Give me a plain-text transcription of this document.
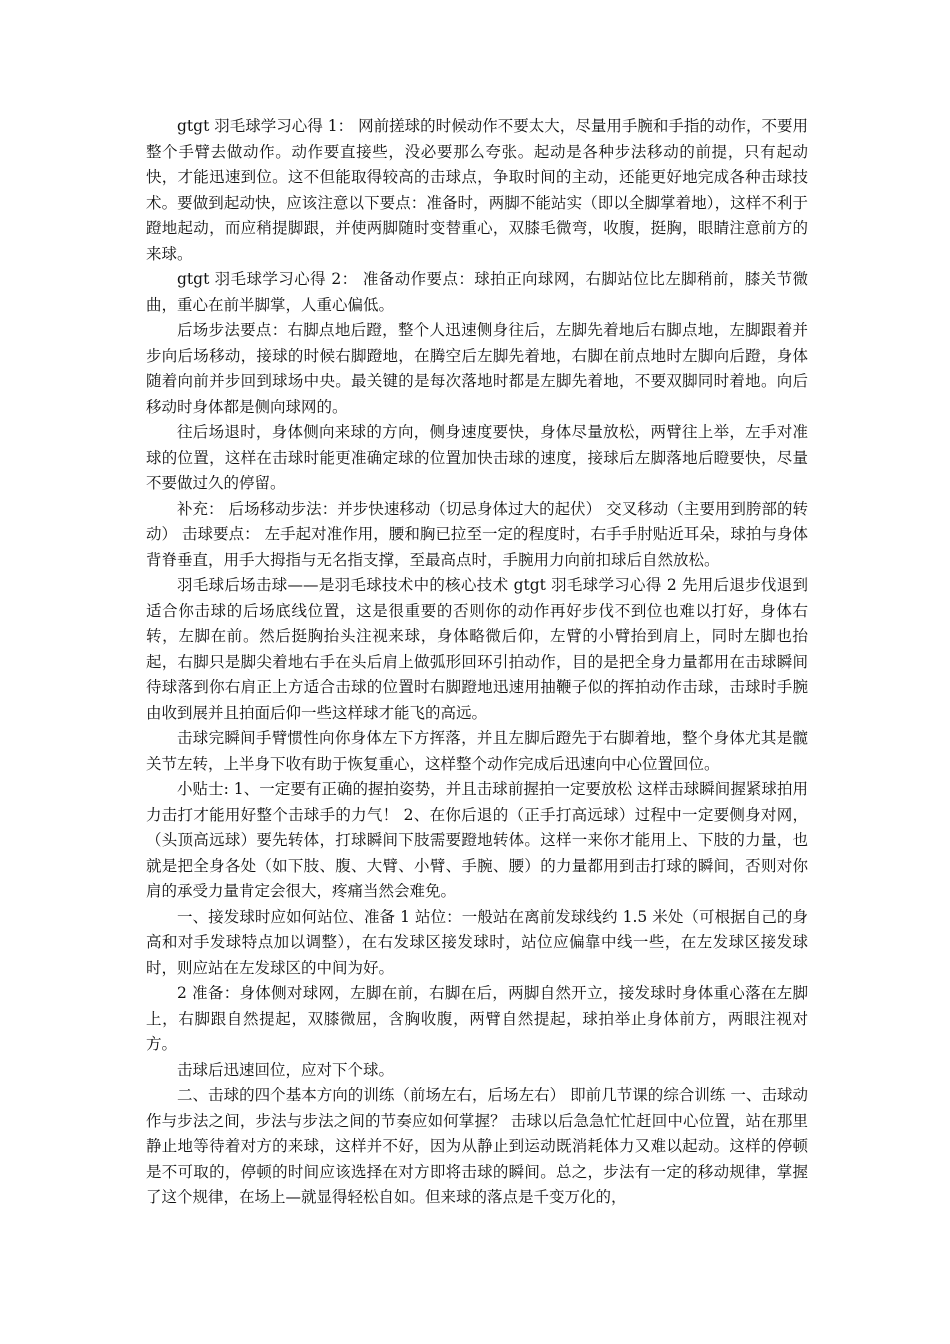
gtgt 羽毛球学习心得 1： 网前搓球的时候动作不要太大，尽量用手腕和手指的动作，不要用整个手臂去做动作。动作要直接些，没必要那么夸张。起动是各种步法移动的前提，只有起动快，才能迅速到位。这不但能取得较高的击球点，争取时间的主动，还能更好地完成各种击球技术。要做到起动快，应该注意以下要点：准备时，两脚不能站实（即以全脚掌着地），这样不利于蹬地起动，而应稍提脚跟，并使两脚随时变替重心，双膝毛微弯，收腹，挺胸，眼睛注意前方的来球。

gtgt 羽毛球学习心得 2： 准备动作要点：球拍正向球网，右脚站位比左脚稍前，膝关节微曲，重心在前半脚掌，人重心偏低。

后场步法要点：右脚点地后蹬，整个人迅速侧身往后，左脚先着地后右脚点地，左脚跟着并步向后场移动，接球的时候右脚蹬地，在腾空后左脚先着地，右脚在前点地时左脚向后蹬，身体随着向前并步回到球场中央。最关键的是每次落地时都是左脚先着地，不要双脚同时着地。向后移动时身体都是侧向球网的。

往后场退时，身体侧向来球的方向，侧身速度要快，身体尽量放松，两臂往上举，左手对准球的位置，这样在击球时能更准确定球的位置加快击球的速度，接球后左脚落地后瞪要快，尽量不要做过久的停留。

补充： 后场移动步法：并步快速移动（切忌身体过大的起伏） 交叉移动（主要用到胯部的转动） 击球要点： 左手起对准作用，腰和胸已拉至一定的程度时，右手手肘贴近耳朵，球拍与身体背脊垂直，用手大拇指与无名指支撑，至最高点时，手腕用力向前扣球后自然放松。

羽毛球后场击球——是羽毛球技术中的核心技术 gtgt 羽毛球学习心得 2 先用后退步伐退到适合你击球的后场底线位置，这是很重要的否则你的动作再好步伐不到位也难以打好，身体右转，左脚在前。然后挺胸抬头注视来球，身体略微后仰，左臂的小臂抬到肩上，同时左脚也抬起，右脚只是脚尖着地右手在头后肩上做弧形回环引拍动作，目的是把全身力量都用在击球瞬间待球落到你右肩正上方适合击球的位置时右脚蹬地迅速用抽鞭子似的挥拍动作击球，击球时手腕由收到展并且拍面后仰一些这样球才能飞的高远。

击球完瞬间手臂惯性向你身体左下方挥落，并且左脚后蹬先于右脚着地，整个身体尤其是髋关节左转，上半身下收有助于恢复重心，这样整个动作完成后迅速向中心位置回位。

小贴士: 1、一定要有正确的握拍姿势，并且击球前握拍一定要放松 这样击球瞬间握紧球拍用力击打才能用好整个击球手的力气！ 2、在你后退的（正手打高远球）过程中一定要侧身对网，（头顶高远球）要先转体，打球瞬间下肢需要蹬地转体。这样一来你才能用上、下肢的力量，也就是把全身各处（如下肢、腹、大臂、小臂、手腕、腰）的力量都用到击打球的瞬间，否则对你肩的承受力量肯定会很大，疼痛当然会难免。

一、接发球时应如何站位、准备 1 站位：一般站在离前发球线约 1.5 米处（可根据自己的身高和对手发球特点加以调整），在右发球区接发球时，站位应偏靠中线一些，在左发球区接发球时，则应站在左发球区的中间为好。

2 准备：身体侧对球网，左脚在前，右脚在后，两脚自然开立，接发球时身体重心落在左脚上，右脚跟自然提起，双膝微屈，含胸收腹，两臂自然提起，球拍举止身体前方，两眼注视对方。

击球后迅速回位，应对下个球。

二、击球的四个基本方向的训练（前场左右，后场左右） 即前几节课的综合训练 一、击球动作与步法之间，步法与步法之间的节奏应如何掌握？ 击球以后急急忙忙赶回中心位置，站在那里静止地等待着对方的来球，这样并不好，因为从静止到运动既消耗体力又难以起动。这样的停顿是不可取的，停顿的时间应该选择在对方即将击球的瞬间。总之，步法有一定的移动规律，掌握了这个规律，在场上—就显得轻松自如。但来球的落点是千变万化的，
